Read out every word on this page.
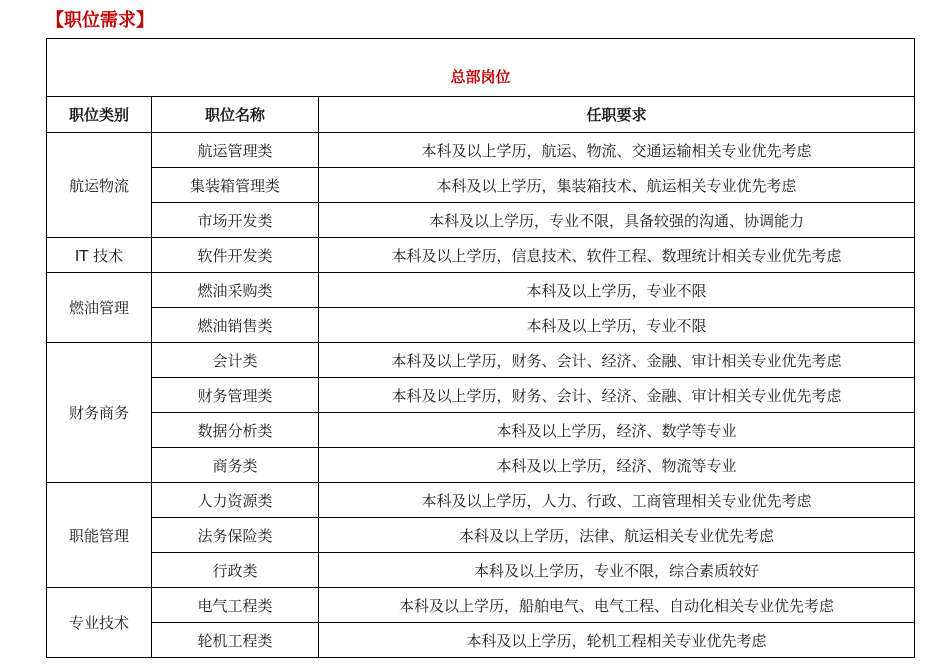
【职位需求】
总部岗位		
职位类别	职位名称	任职要求
航运物流	航运管理类	本科及以上学历，航运、物流、交通运输相关专业优先考虑
	集装箱管理类	本科及以上学历，集装箱技术、航运相关专业优先考虑
	市场开发类	本科及以上学历，专业不限，具备较强的沟通、协调能力
IT 技术	软件开发类	本科及以上学历，信息技术、软件工程、数理统计相关专业优先考虑
燃油管理	燃油采购类	本科及以上学历，专业不限
	燃油销售类	本科及以上学历，专业不限
财务商务	会计类	本科及以上学历，财务、会计、经济、金融、审计相关专业优先考虑
	财务管理类	本科及以上学历，财务、会计、经济、金融、审计相关专业优先考虑
	数据分析类	本科及以上学历，经济、数学等专业
	商务类	本科及以上学历，经济、物流等专业
职能管理	人力资源类	本科及以上学历，人力、行政、工商管理相关专业优先考虑
	法务保险类	本科及以上学历，法律、航运相关专业优先考虑
	行政类	本科及以上学历，专业不限，综合素质较好
专业技术	电气工程类	本科及以上学历，船舶电气、电气工程、自动化相关专业优先考虑
	轮机工程类	本科及以上学历，轮机工程相关专业优先考虑
